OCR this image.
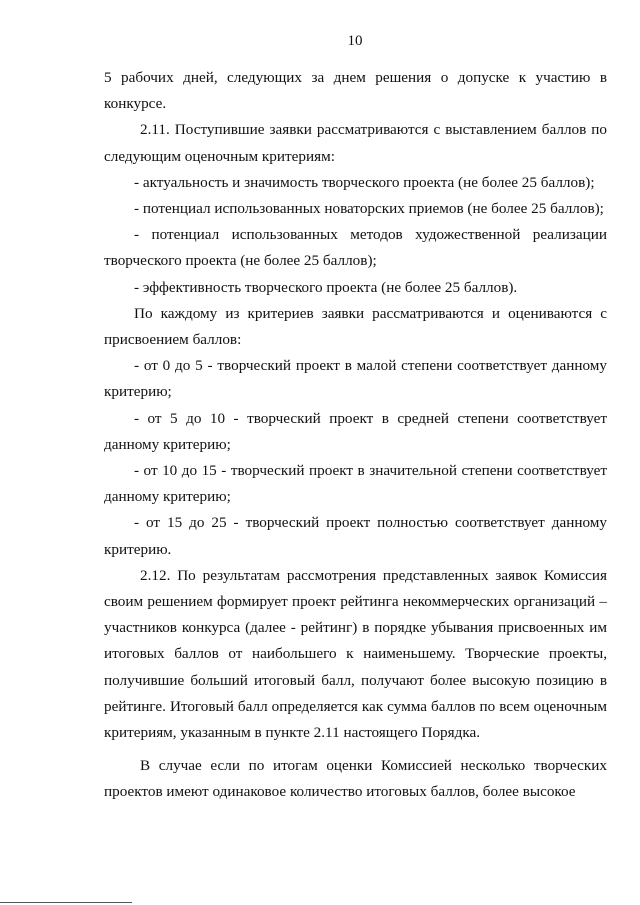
10

5 рабочих дней, следующих за днем решения о допуске к участию в конкурсе.

2.11. Поступившие заявки рассматриваются с выставлением баллов по следующим оценочным критериям:

- актуальность и значимость творческого проекта (не более 25 баллов);

- потенциал использованных новаторских приемов (не более 25 баллов);

- потенциал использованных методов художественной реализации творческого проекта (не более 25 баллов);

- эффективность творческого проекта (не более 25 баллов).

По каждому из критериев заявки рассматриваются и оцениваются с присвоением баллов:

- от 0 до 5 - творческий проект в малой степени соответствует данному критерию;

- от 5 до 10 - творческий проект в средней степени соответствует данному критерию;

- от 10 до 15 - творческий проект в значительной степени соответствует данному критерию;

- от 15 до 25 - творческий проект полностью соответствует данному критерию.

2.12. По результатам рассмотрения представленных заявок Комиссия своим решением формирует проект рейтинга некоммерческих организаций – участников конкурса (далее - рейтинг) в порядке убывания присвоенных им итоговых баллов от наибольшего к наименьшему. Творческие проекты, получившие больший итоговый балл, получают более высокую позицию в рейтинге. Итоговый балл определяется как сумма баллов по всем оценочным критериям, указанным в пункте 2.11 настоящего Порядка.

В случае если по итогам оценки Комиссией несколько творческих проектов имеют одинаковое количество итоговых баллов, более высокое
